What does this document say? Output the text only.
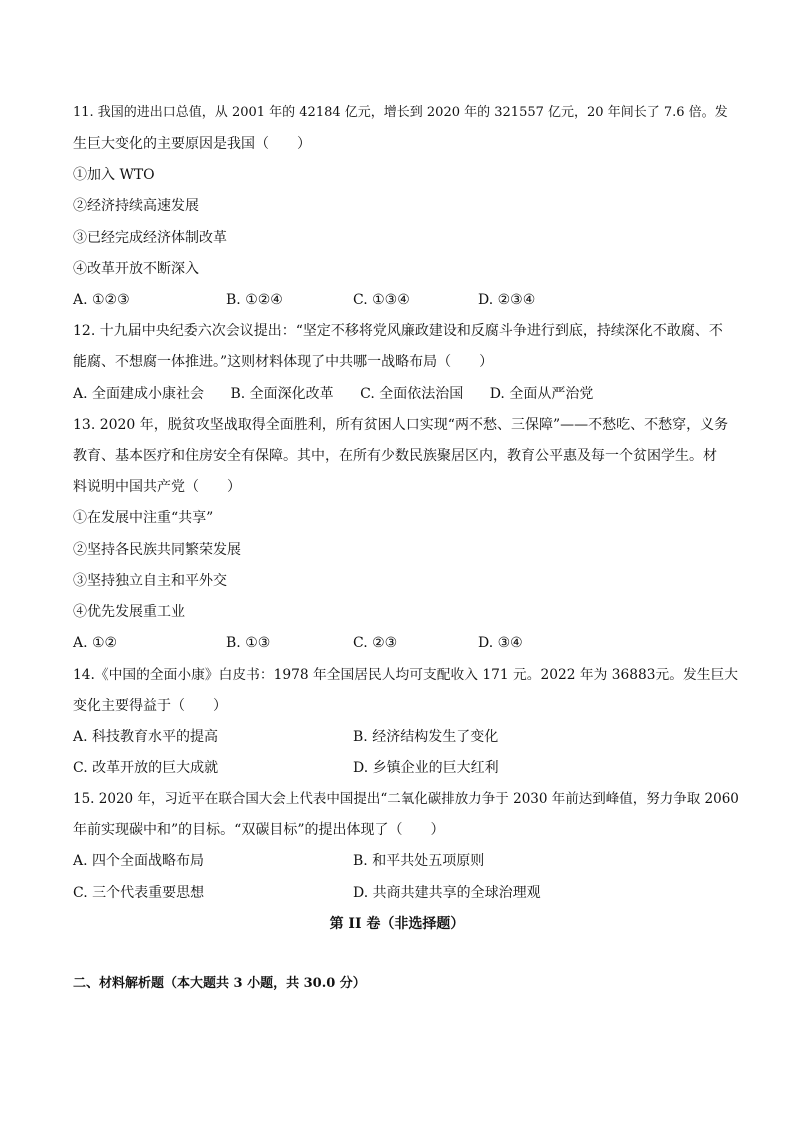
11. 我国的进出口总值，从 2001 年的 42184 亿元，增长到 2020 年的 321557 亿元，20 年间长了 7.6 倍。发
生巨大变化的主要原因是我国（　　）
①加入 WTO
②经济持续高速发展
③已经完成经济体制改革
④改革开放不断深入
A. ①②③	B. ①②④	C. ①③④	D. ②③④
12. 十九届中央纪委六次会议提出：“坚定不移将党风廉政建设和反腐斗争进行到底，持续深化不敢腐、不
能腐、不想腐一体推进。”这则材料体现了中共哪一战略布局（　　）
A. 全面建成小康社会 B. 全面深化改革 C. 全面依法治国 D. 全面从严治党
13. 2020 年，脱贫攻坚战取得全面胜利，所有贫困人口实现“两不愁、三保障”——不愁吃、不愁穿，义务
教育、基本医疗和住房安全有保障。其中，在所有少数民族聚居区内，教育公平惠及每一个贫困学生。材
料说明中国共产党（　　）
①在发展中注重“共享”
②坚持各民族共同繁荣发展
③坚持独立自主和平外交
④优先发展重工业
A. ①②	B. ①③	C. ②③	D. ③④
14.《中国的全面小康》白皮书：1978 年全国居民人均可支配收入 171 元。2022 年为 36883元。发生巨大
变化主要得益于（　　）
A. 科技教育水平的提高	B. 经济结构发生了变化
C. 改革开放的巨大成就	D. 乡镇企业的巨大红利
15. 2020 年，习近平在联合国大会上代表中国提出“二氧化碳排放力争于 2030 年前达到峰值，努力争取 2060
年前实现碳中和”的目标。“双碳目标”的提出体现了（　　）
A. 四个全面战略布局	B. 和平共处五项原则
C. 三个代表重要思想	D. 共商共建共享的全球治理观
第 II 卷（非选择题）
二、材料解析题（本大题共 3 小题，共 30.0 分）
